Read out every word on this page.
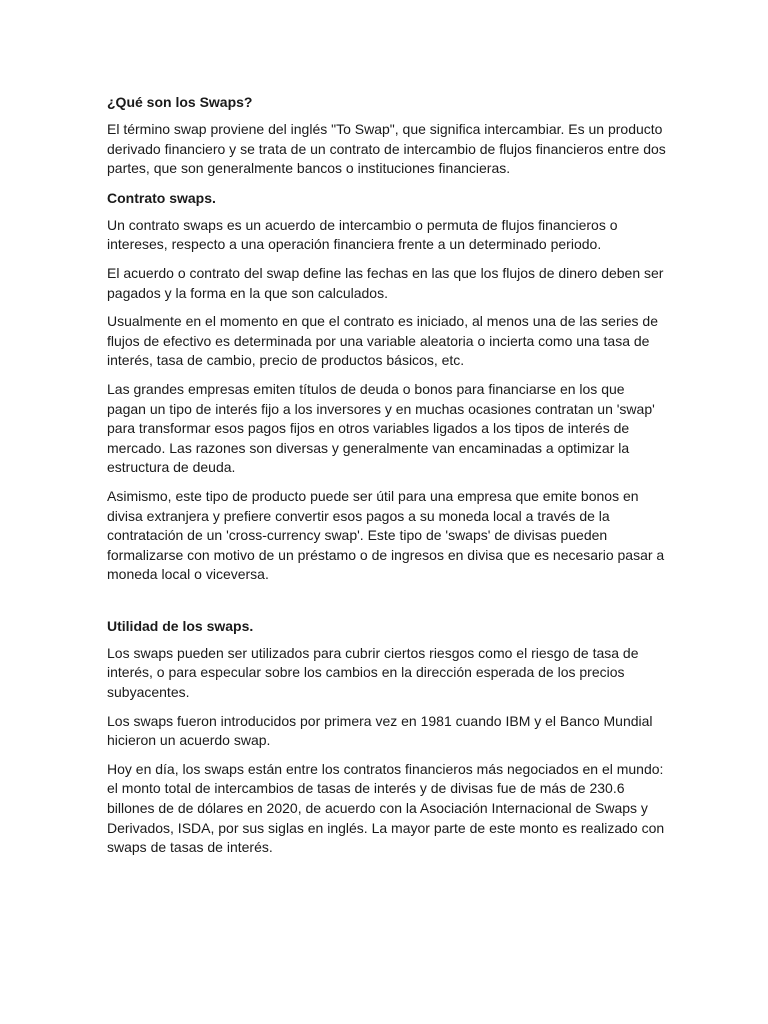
¿Qué son los Swaps?

El término swap proviene del inglés "To Swap", que significa intercambiar. Es un producto derivado financiero y se trata de un contrato de intercambio de flujos financieros entre dos partes, que son generalmente bancos o instituciones financieras.

Contrato swaps.

Un contrato swaps es un acuerdo de intercambio o permuta de flujos financieros o intereses, respecto a una operación financiera frente a un determinado periodo.

El acuerdo o contrato del swap define las fechas en las que los flujos de dinero deben ser pagados y la forma en la que son calculados.

Usualmente en el momento en que el contrato es iniciado, al menos una de las series de flujos de efectivo es determinada por una variable aleatoria o incierta como una tasa de interés, tasa de cambio, precio de productos básicos, etc.

Las grandes empresas emiten títulos de deuda o bonos para financiarse en los que pagan un tipo de interés fijo a los inversores y en muchas ocasiones contratan un 'swap' para transformar esos pagos fijos en otros variables ligados a los tipos de interés de mercado. Las razones son diversas y generalmente van encaminadas a optimizar la estructura de deuda.

Asimismo, este tipo de producto puede ser útil para una empresa que emite bonos en divisa extranjera y prefiere convertir esos pagos a su moneda local a través de la contratación de un 'cross-currency swap'. Este tipo de 'swaps' de divisas pueden formalizarse con motivo de un préstamo o de ingresos en divisa que es necesario pasar a moneda local o viceversa.

Utilidad de los swaps.

Los swaps pueden ser utilizados para cubrir ciertos riesgos como el riesgo de tasa de interés, o para especular sobre los cambios en la dirección esperada de los precios subyacentes.

Los swaps fueron introducidos por primera vez en 1981 cuando IBM y el Banco Mundial hicieron un acuerdo swap.

Hoy en día, los swaps están entre los contratos financieros más negociados en el mundo: el monto total de intercambios de tasas de interés y de divisas fue de más de 230.6 billones de de dólares en 2020, de acuerdo con la Asociación Internacional de Swaps y Derivados, ISDA, por sus siglas en inglés. La mayor parte de este monto es realizado con swaps de tasas de interés.
